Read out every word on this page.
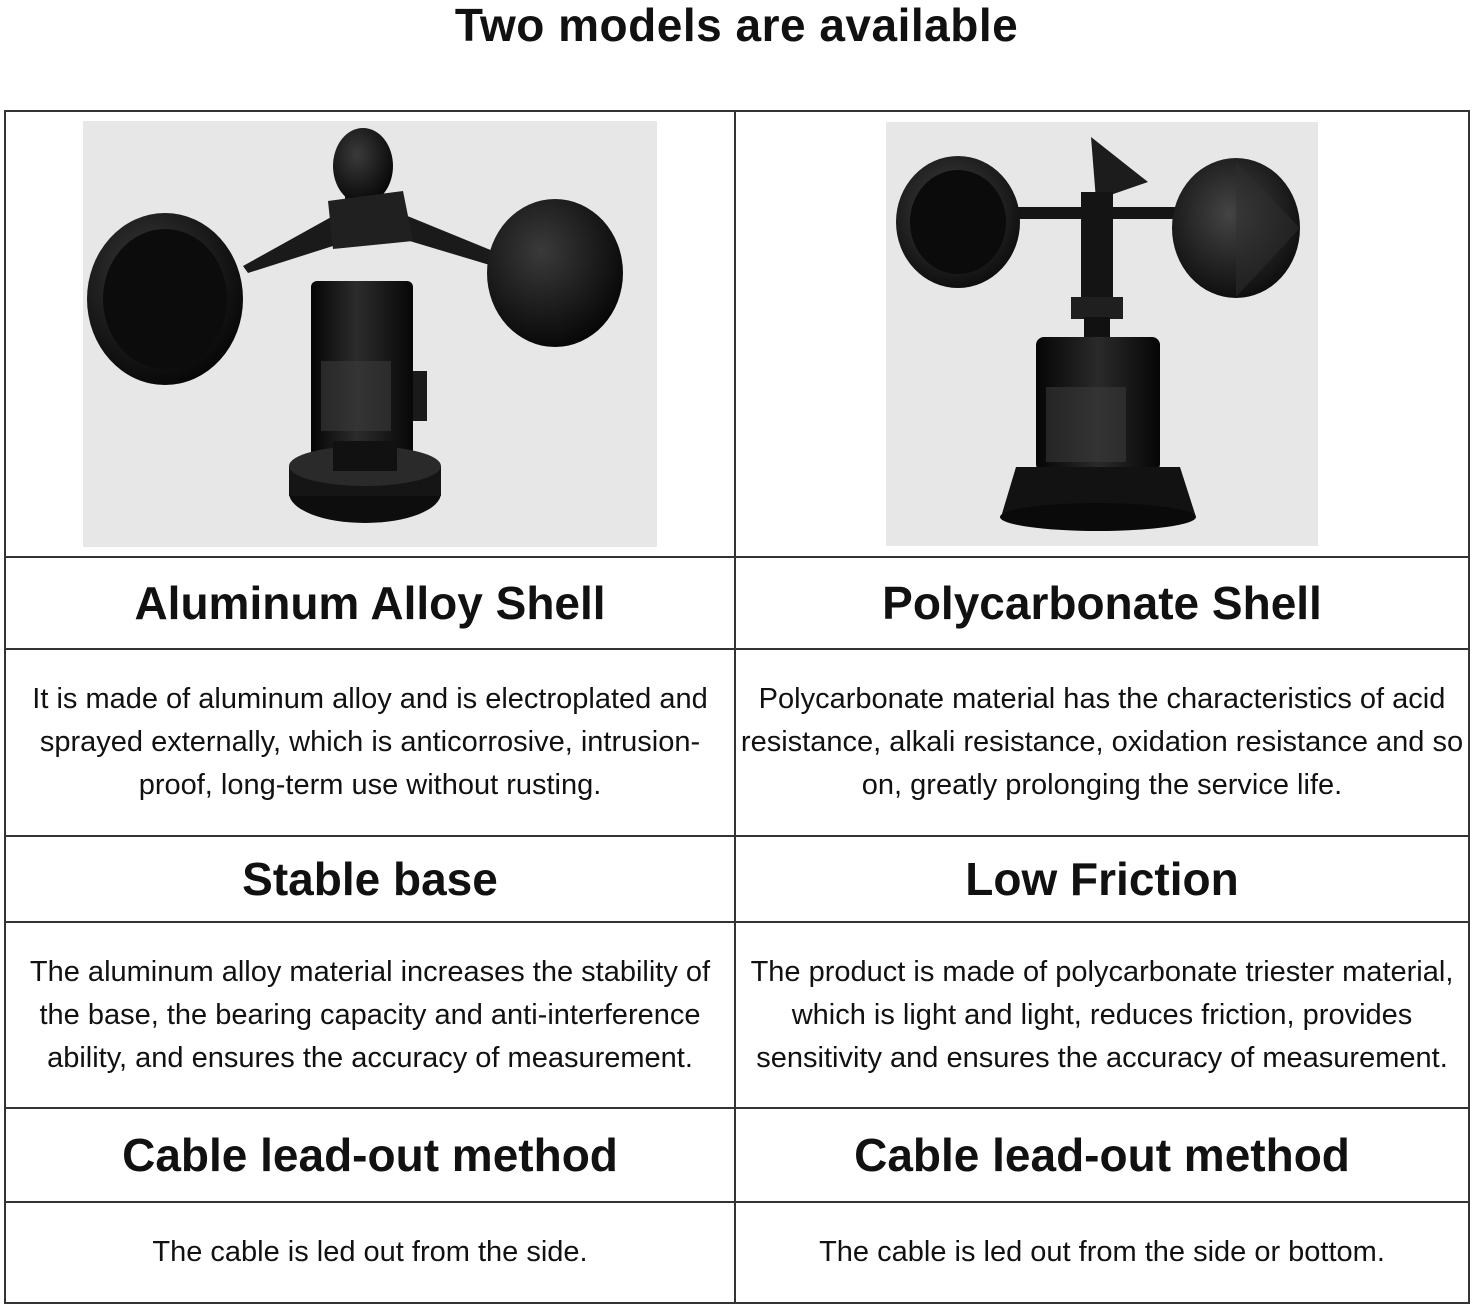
Two models are available

Aluminum Alloy Shell	Polycarbonate Shell
It is made of aluminum alloy and is electroplated and sprayed externally, which is anticorrosive, intrusion-proof, long-term use without rusting.	Polycarbonate material has the characteristics of acid resistance, alkali resistance, oxidation resistance and so on, greatly prolonging the service life.
Stable base	Low Friction
The aluminum alloy material increases the stability of the base, the bearing capacity and anti-interference ability, and ensures the accuracy of measurement.	The product is made of polycarbonate triester material, which is light and light, reduces friction, provides sensitivity and ensures the accuracy of measurement.
Cable lead-out method	Cable lead-out method
The cable is led out from the side.	The cable is led out from the side or bottom.
